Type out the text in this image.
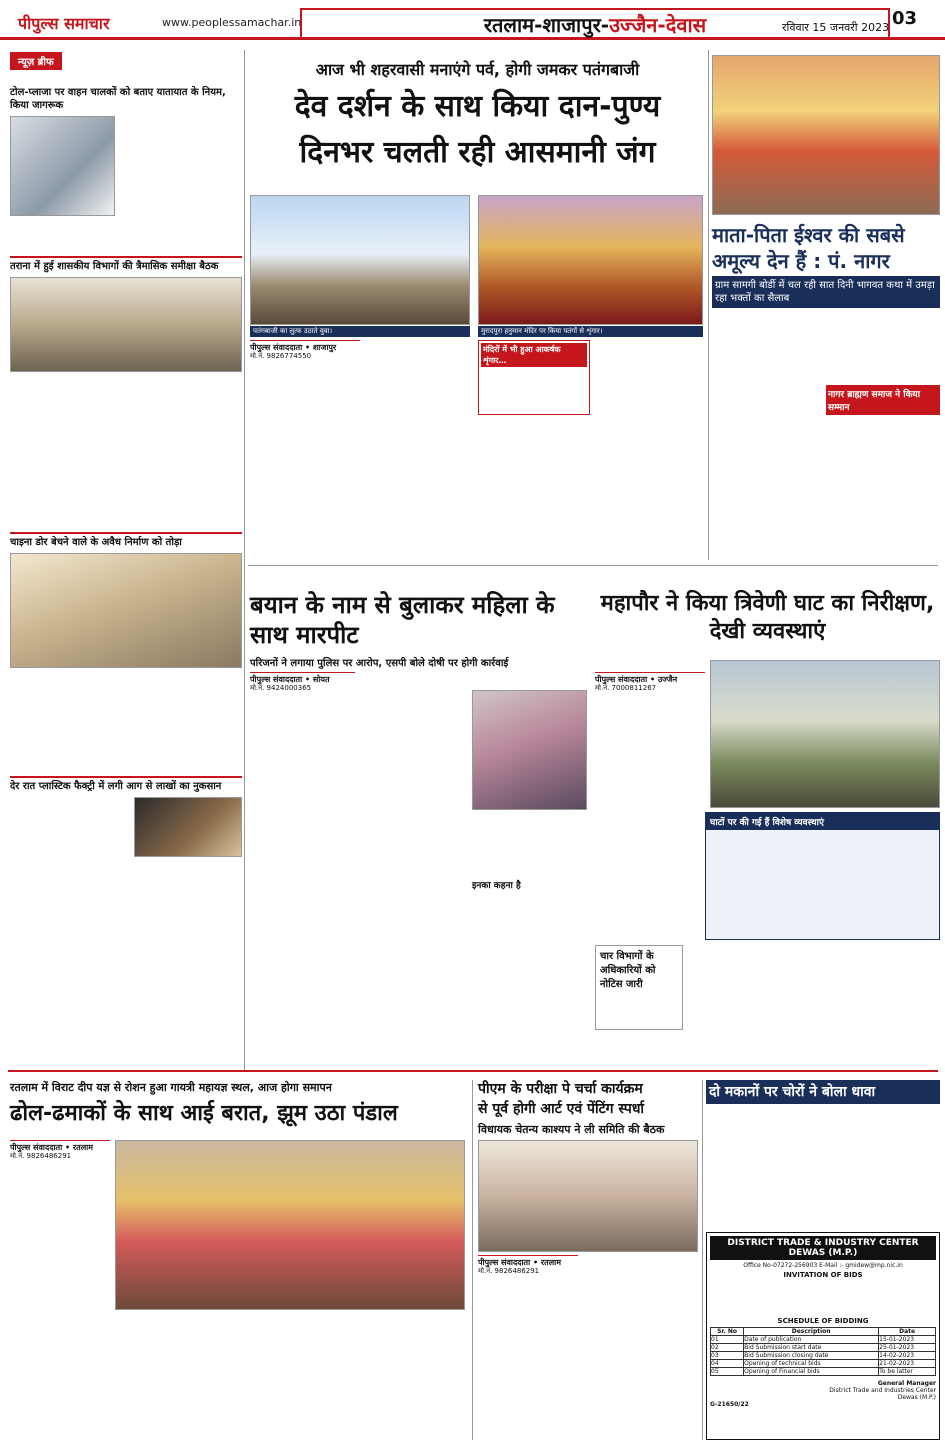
पीपुल्स समाचार	www.peoplessamachar.in	रतलाम-शाजापुर- उज्जैन-देवास	रविवार 15 जनवरी 2023 03
न्यूज़ ब्रीफ
टोल-प्लाजा पर वाहन चालकों को बताए यातायात के नियम, किया जागरूक
तराना में हुई शासकीय विभागों की त्रैमासिक समीक्षा बैठक
चाइना डोर बेचने वाले के अवैध निर्माण को तोड़ा
देर रात प्लास्टिक फैक्ट्री में लगी आग से लाखों का नुकसान
आज भी शहरवासी मनाएंगे पर्व, होगी जमकर पतंगबाजी
देव दर्शन के साथ किया दान-पुण्य
दिनभर चलती रही आसमानी जंग
पतंगबाजी का लुत्फ उठाते युवा।	मुरादपुरा हनुमान मंदिर पर किया पतंगों से शृंगार।
पीपुल्स संवाददाता • शाजापुर
मो.नं. 9826774550
मंदिरों में भी हुआ आकर्षक शृंगार…
माता-पिता ईश्वर की सबसे अमूल्य देन हैं : पं. नागर
ग्राम सामगी बोर्डी में चल रही सात दिनी भागवत कथा में उमड़ा रहा भक्तों का सैलाब
नागर ब्राह्मण समाज ने किया सम्मान
बयान के नाम से बुलाकर महिला के साथ मारपीट
परिजनों ने लगाया पुलिस पर आरोप, एसपी बोले दोषी पर होगी कार्रवाई
पीपुल्स संवाददाता • सोयत
मो.नं. 9424000365
इनका कहना है
महापौर ने किया त्रिवेणी घाट का निरीक्षण, देखी व्यवस्थाएं
पीपुल्स संवाददाता • उज्जैन
मो.नं. 7000811267
घाटों पर की गई हैं विशेष व्यवस्थाएं
चार विभागों के अधिकारियों को नोटिस जारी
रतलाम में विराट दीप यज्ञ से रोशन हुआ गायत्री महायज्ञ स्थल, आज होगा समापन
ढोल-ढमाकों के साथ आई बरात, झूम उठा पंडाल
पीपुल्स संवाददाता • रतलाम
मो.नं. 9826486291
पीएम के परीक्षा पे चर्चा कार्यक्रम
से पूर्व होगी आर्ट एवं पेंटिंग स्पर्धा
विधायक चेतन्य काश्यप ने ली समिति की बैठक
पीपुल्स संवाददाता • रतलाम
मो.नं. 9826486291
दो मकानों पर चोरों ने बोला धावा
DISTRICT TRADE & INDUSTRY CENTER DEWAS (M.P.)
Office No-07272-256903 E-Mail :- gmidew@mp.nic.in
INVITATION OF BIDS
SCHEDULE OF BIDDING
Sr. No	Description	Date
01	Date of publication	15-01-2023
02	Bid Submission start date	25-01-2023
03	Bid Submission closing date	14-02-2023
04	Opening of technical bids	21-02-2023
05	Opening of Financial bids	To be latter
General Manager
District Trade and Industries Center
Dewas (M.P.)
G-21650/22
